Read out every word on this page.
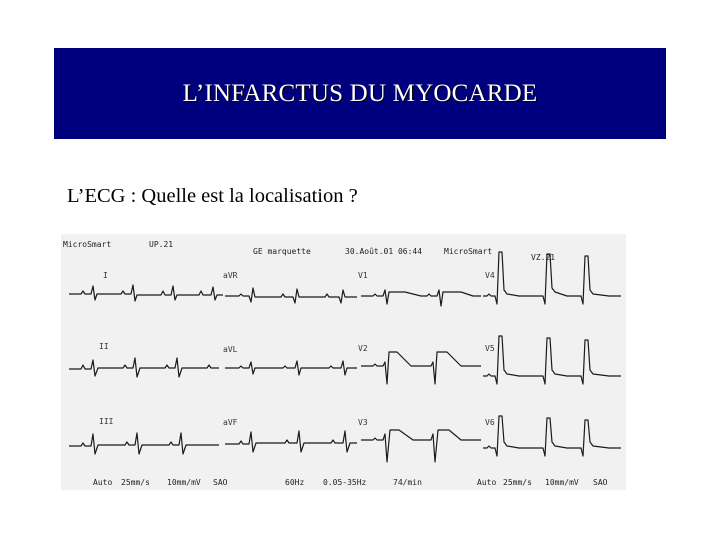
L’INFARCTUS DU MYOCARDE
L’ECG : Quelle est la localisation ?
MicroSmart	UP.21
GE marquette	30.Août.01 06:44	MicroSmart
VZ.21
I	aVR	V1	V4
II	aVL	V2	V5
III	aVF	V3	V6
Auto 25mm/s 10mm/mV SAO	60Hz 0.05-35Hz	74/min	Auto 25mm/s 10mm/mV SAO
